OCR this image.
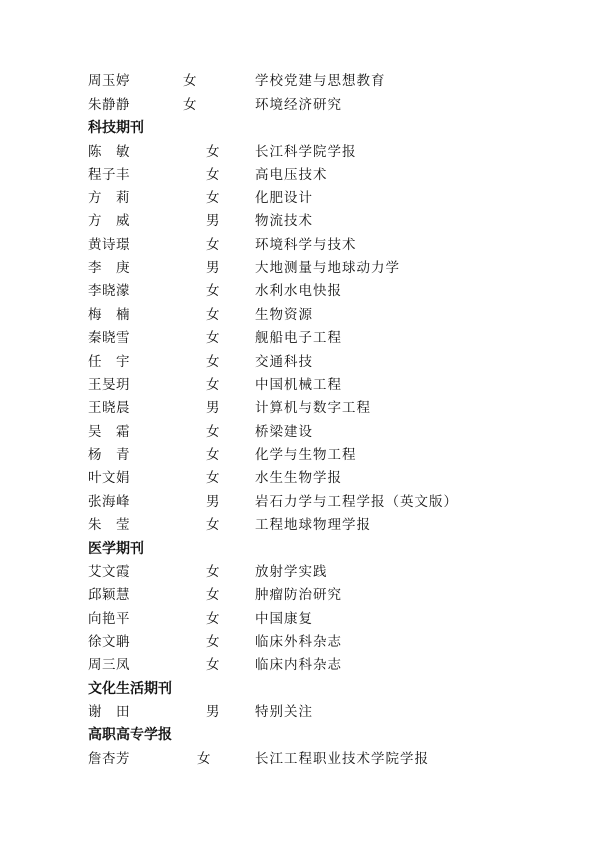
周玉婷	女	学校党建与思想教育
朱静静	女	环境经济研究
科技期刊
陈　敏	女	长江科学院学报
程子丰	女	高电压技术
方　莉	女	化肥设计
方　威	男	物流技术
黄诗璟	女	环境科学与技术
李　庚	男	大地测量与地球动力学
李晓濛	女	水利水电快报
梅　楠	女	生物资源
秦晓雪	女	舰船电子工程
任　宇	女	交通科技
王旻玥	女	中国机械工程
王晓晨	男	计算机与数字工程
吴　霜	女	桥梁建设
杨　青	女	化学与生物工程
叶文娟	女	水生生物学报
张海峰	男	岩石力学与工程学报（英文版）
朱　莹	女	工程地球物理学报
医学期刊
艾文霞	女	放射学实践
邱颖慧	女	肿瘤防治研究
向艳平	女	中国康复
徐文聃	女	临床外科杂志
周三凤	女	临床内科杂志
文化生活期刊
谢　田	男	特别关注
高职高专学报
詹杏芳	女	长江工程职业技术学院学报
